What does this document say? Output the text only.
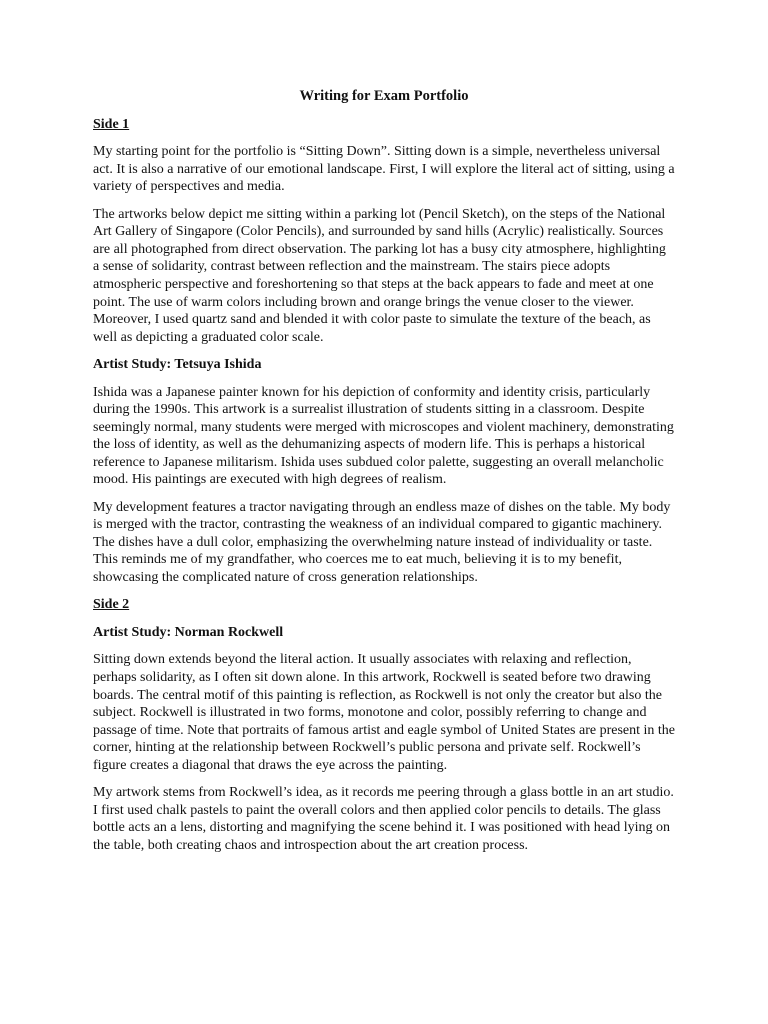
Writing for Exam Portfolio
Side 1

My starting point for the portfolio is “Sitting Down”. Sitting down is a simple, nevertheless universal act. It is also a narrative of our emotional landscape. First, I will explore the literal act of sitting, using a variety of perspectives and media.

The artworks below depict me sitting within a parking lot (Pencil Sketch), on the steps of the National Art Gallery of Singapore (Color Pencils), and surrounded by sand hills (Acrylic) realistically. Sources are all photographed from direct observation. The parking lot has a busy city atmosphere, highlighting a sense of solidarity, contrast between reflection and the mainstream. The stairs piece adopts atmospheric perspective and foreshortening so that steps at the back appears to fade and meet at one point. The use of warm colors including brown and orange brings the venue closer to the viewer. Moreover, I used quartz sand and blended it with color paste to simulate the texture of the beach, as well as depicting a graduated color scale.

Artist Study: Tetsuya Ishida

Ishida was a Japanese painter known for his depiction of conformity and identity crisis, particularly during the 1990s. This artwork is a surrealist illustration of students sitting in a classroom. Despite seemingly normal, many students were merged with microscopes and violent machinery, demonstrating the loss of identity, as well as the dehumanizing aspects of modern life. This is perhaps a historical reference to Japanese militarism. Ishida uses subdued color palette, suggesting an overall melancholic mood. His paintings are executed with high degrees of realism.

My development features a tractor navigating through an endless maze of dishes on the table. My body is merged with the tractor, contrasting the weakness of an individual compared to gigantic machinery. The dishes have a dull color, emphasizing the overwhelming nature instead of individuality or taste. This reminds me of my grandfather, who coerces me to eat much, believing it is to my benefit, showcasing the complicated nature of cross generation relationships.

Side 2
Artist Study: Norman Rockwell

Sitting down extends beyond the literal action. It usually associates with relaxing and reflection, perhaps solidarity, as I often sit down alone. In this artwork, Rockwell is seated before two drawing boards. The central motif of this painting is reflection, as Rockwell is not only the creator but also the subject. Rockwell is illustrated in two forms, monotone and color, possibly referring to change and passage of time. Note that portraits of famous artist and eagle symbol of United States are present in the corner, hinting at the relationship between Rockwell’s public persona and private self. Rockwell’s figure creates a diagonal that draws the eye across the painting.

My artwork stems from Rockwell’s idea, as it records me peering through a glass bottle in an art studio. I first used chalk pastels to paint the overall colors and then applied color pencils to details. The glass bottle acts an a lens, distorting and magnifying the scene behind it. I was positioned with head lying on the table, both creating chaos and introspection about the art creation process.
